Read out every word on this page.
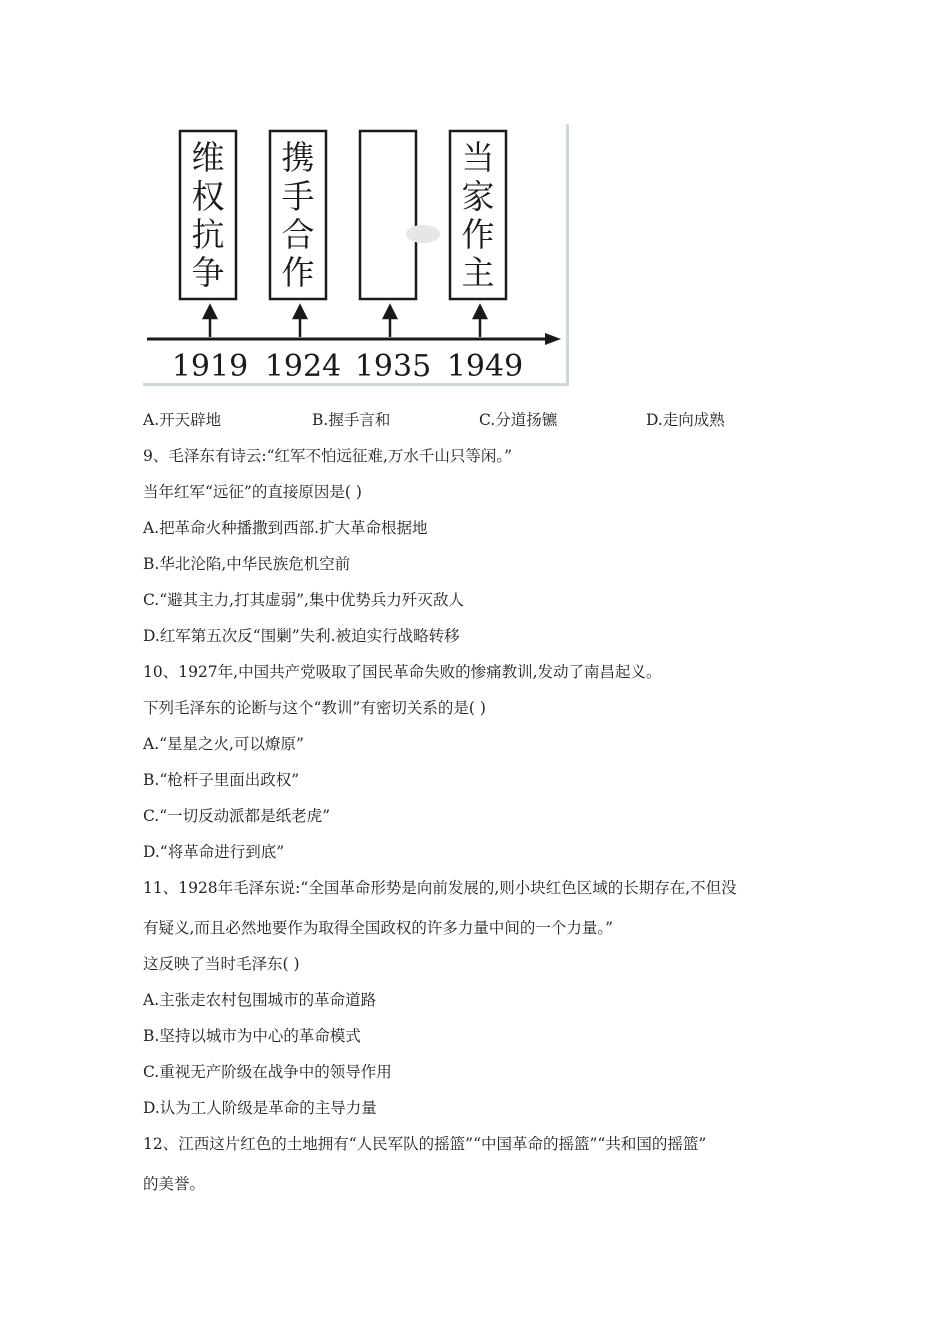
维
权
抗
争
携
手
合
作
当
家
作
主
1919 1924 1935 1949
A.开天辟地	B.握手言和	C.分道扬镳	D.走向成熟
9、毛泽东有诗云:“红军不怕远征难,万水千山只等闲。”
当年红军“远征”的直接原因是( )
A.把革命火种播撒到西部.扩大革命根据地
B.华北沦陷,中华民族危机空前
C.“避其主力,打其虚弱”,集中优势兵力歼灭敌人
D.红军第五次反“围剿”失利.被迫实行战略转移
10、1927年,中国共产党吸取了国民革命失败的惨痛教训,发动了南昌起义。
下列毛泽东的论断与这个“教训”有密切关系的是( )
A.“星星之火,可以燎原”
B.“枪杆子里面出政权”
C.“一切反动派都是纸老虎”
D.“将革命进行到底”
11、1928年毛泽东说:“全国革命形势是向前发展的,则小块红色区域的长期存在,不但没
有疑义,而且必然地要作为取得全国政权的许多力量中间的一个力量。”
这反映了当时毛泽东( )
A.主张走农村包围城市的革命道路
B.坚持以城市为中心的革命模式
C.重视无产阶级在战争中的领导作用
D.认为工人阶级是革命的主导力量
12、江西这片红色的土地拥有“人民军队的摇篮”“中国革命的摇篮”“共和国的摇篮”
的美誉。
